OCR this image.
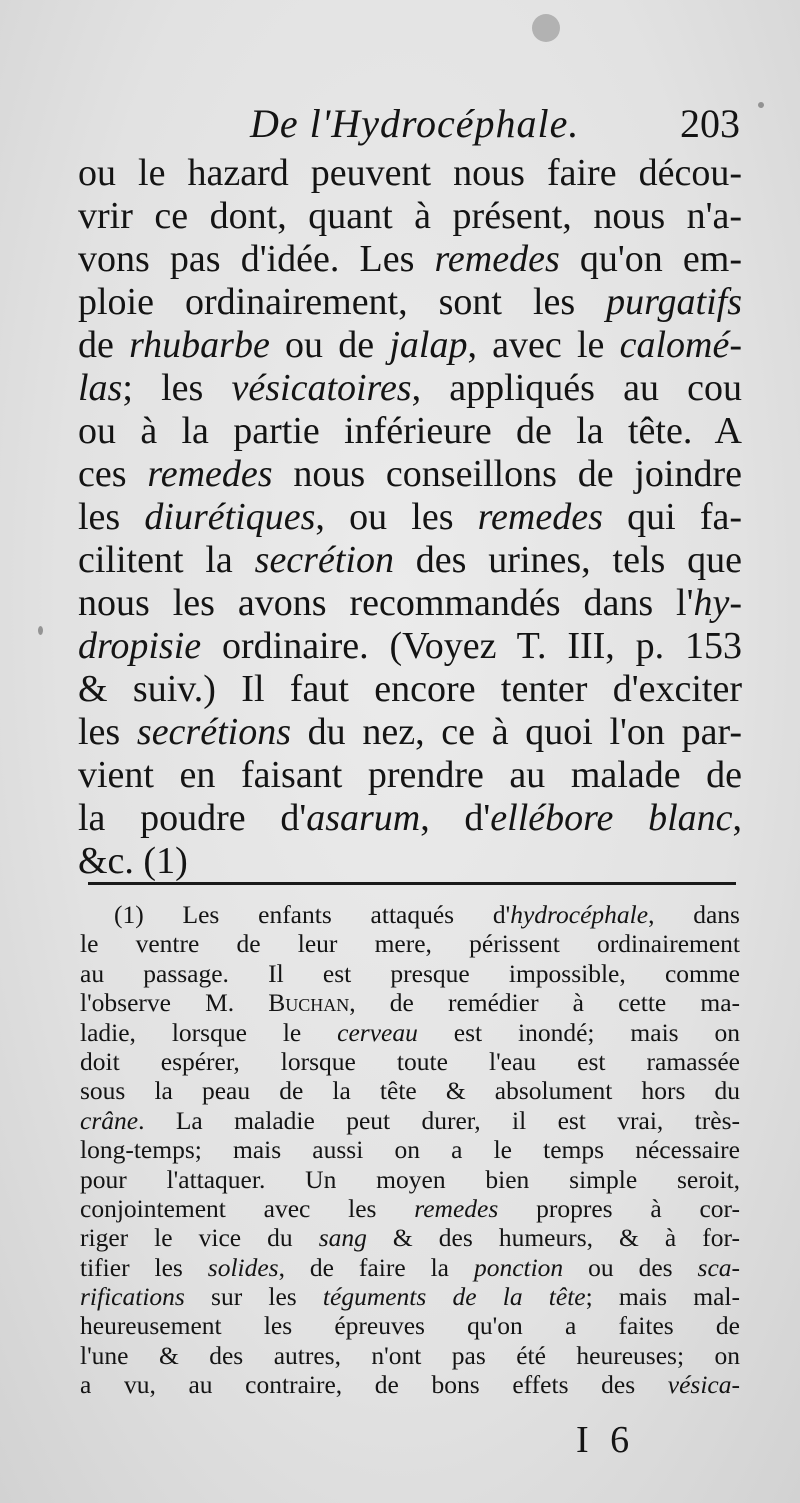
De l'Hydrocéphale.	203
ou le hazard peuvent nous faire décou-
vrir ce dont, quant à présent, nous n'a-
vons pas d'idée. Les remedes qu'on em-
ploie ordinairement, sont les purgatifs
de rhubarbe ou de jalap, avec le calomé-
las; les vésicatoires, appliqués au cou
ou à la partie inférieure de la tête. A
ces remedes nous conseillons de joindre
les diurétiques, ou les remedes qui fa-
cilitent la secrétion des urines, tels que
nous les avons recommandés dans l'hy-
dropisie ordinaire. (Voyez T. III, p. 153
& suiv.) Il faut encore tenter d'exciter
les secrétions du nez, ce à quoi l'on par-
vient en faisant prendre au malade de
la poudre d'asarum, d'ellébore blanc,
&c. (1)
(1) Les enfants attaqués d'hydrocéphale, dans
le ventre de leur mere, périssent ordinairement
au passage. Il est presque impossible, comme
l'observe M. Buchan, de remédier à cette ma-
ladie, lorsque le cerveau est inondé; mais on
doit espérer, lorsque toute l'eau est ramassée
sous la peau de la tête & absolument hors du
crâne. La maladie peut durer, il est vrai, très-
long-temps; mais aussi on a le temps nécessaire
pour l'attaquer. Un moyen bien simple seroit,
conjointement avec les remedes propres à cor-
riger le vice du sang & des humeurs, & à for-
tifier les solides, de faire la ponction ou des sca-
rifications sur les téguments de la tête; mais mal-
heureusement les épreuves qu'on a faites de
l'une & des autres, n'ont pas été heureuses; on
a vu, au contraire, de bons effets des vésica-
I 6
